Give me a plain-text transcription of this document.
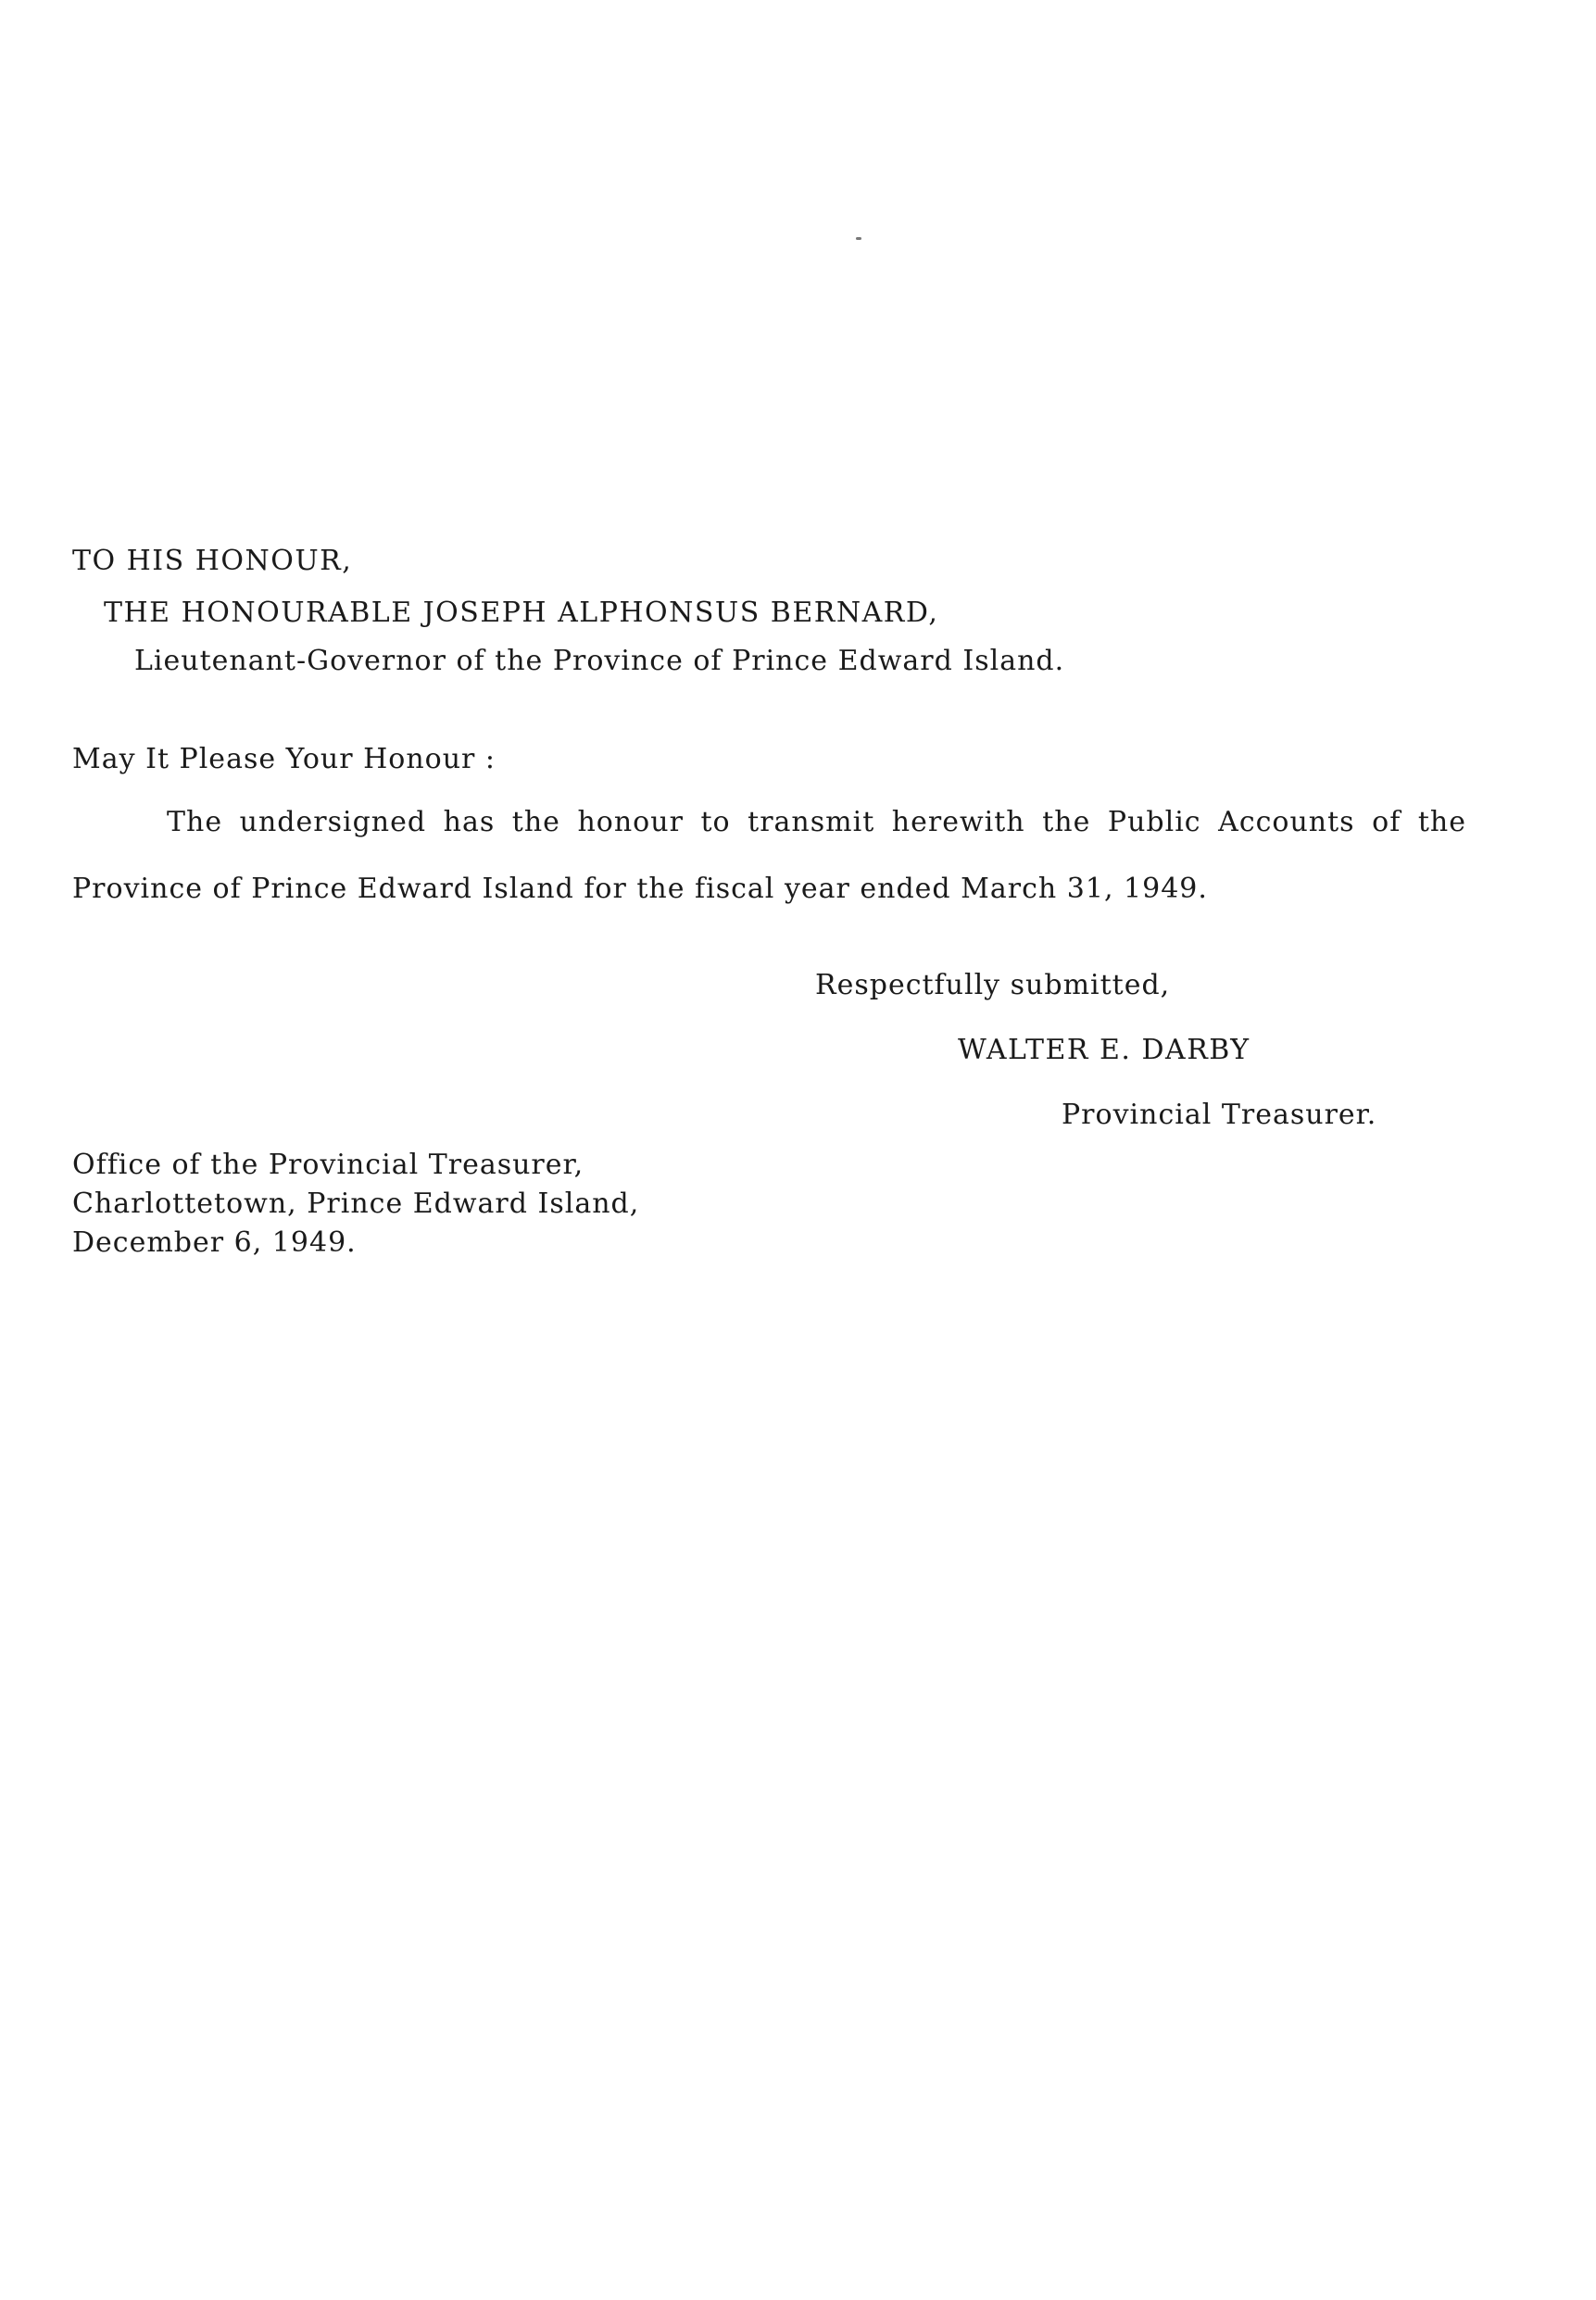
TO HIS HONOUR,
THE HONOURABLE JOSEPH ALPHONSUS BERNARD,
Lieutenant-Governor of the Province of Prince Edward Island.
May It Please Your Honour :
The undersigned has the honour to transmit herewith the Public Accounts of the
Province of Prince Edward Island for the fiscal year ended March 31, 1949.
Respectfully submitted,
WALTER E. DARBY
Provincial Treasurer.
Office of the Provincial Treasurer,
Charlottetown, Prince Edward Island,
December 6, 1949.
